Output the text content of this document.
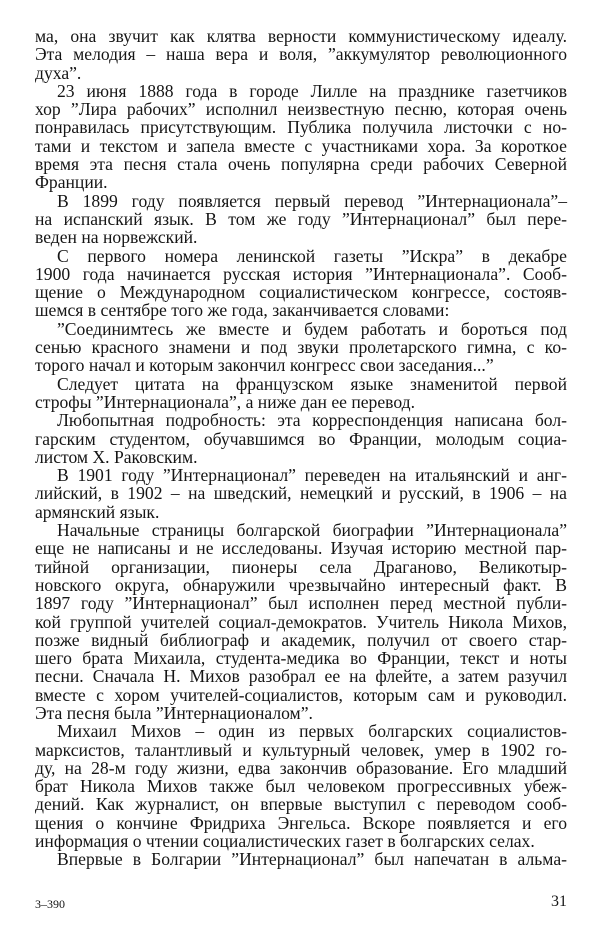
ма, она звучит как клятва верности коммунистическому идеалу.
Эта мелодия – наша вера и воля, ”аккумулятор революционного
духа”.
23 июня 1888 года в городе Лилле на празднике газетчиков
хор ”Лира рабочих” исполнил неизвестную песню, которая очень
понравилась присутствующим. Публика получила листочки с но-
тами и текстом и запела вместе с участниками хора. За короткое
время эта песня стала очень популярна среди рабочих Северной
Франции.
В 1899 году появляется первый перевод ”Интернационала”–
на испанский язык. В том же году ”Интернационал” был пере-
веден на норвежский.
С первого номера ленинской газеты ”Искра” в декабре
1900 года начинается русская история ”Интернационала”. Сооб-
щение о Международном социалистическом конгрессе, состояв-
шемся в сентябре того же года, заканчивается словами:
”Соединимтесь же вместе и будем работать и бороться под
сенью красного знамени и под звуки пролетарского гимна, с ко-
торого начал и которым закончил конгресс свои заседания...”
Следует цитата на французском языке знаменитой первой
строфы ”Интернационала”, а ниже дан ее перевод.
Любопытная подробность: эта корреспонденция написана бол-
гарским студентом, обучавшимся во Франции, молодым социа-
листом Х. Раковским.
В 1901 году ”Интернационал” переведен на итальянский и анг-
лийский, в 1902 – на шведский, немецкий и русский, в 1906 – на
армянский язык.
Начальные страницы болгарской биографии ”Интернационала”
еще не написаны и не исследованы. Изучая историю местной пар-
тийной организации, пионеры села Драганово, Великотыр-
новского округа, обнаружили чрезвычайно интересный факт. В
1897 году ”Интернационал” был исполнен перед местной публи-
кой группой учителей социал-демократов. Учитель Никола Михов,
позже видный библиограф и академик, получил от своего стар-
шего брата Михаила, студента-медика во Франции, текст и ноты
песни. Сначала Н. Михов разобрал ее на флейте, а затем разучил
вместе с хором учителей-социалистов, которым сам и руководил.
Эта песня была ”Интернационалом”.
Михаил Михов – один из первых болгарских социалистов-
марксистов, талантливый и культурный человек, умер в 1902 го-
ду, на 28-м году жизни, едва закончив образование. Его младший
брат Никола Михов также был человеком прогрессивных убеж-
дений. Как журналист, он впервые выступил с переводом сооб-
щения о кончине Фридриха Энгельса. Вскоре появляется и его
информация о чтении социалистических газет в болгарских селах.
Впервые в Болгарии ”Интернационал” был напечатан в альма-
3–390	31
